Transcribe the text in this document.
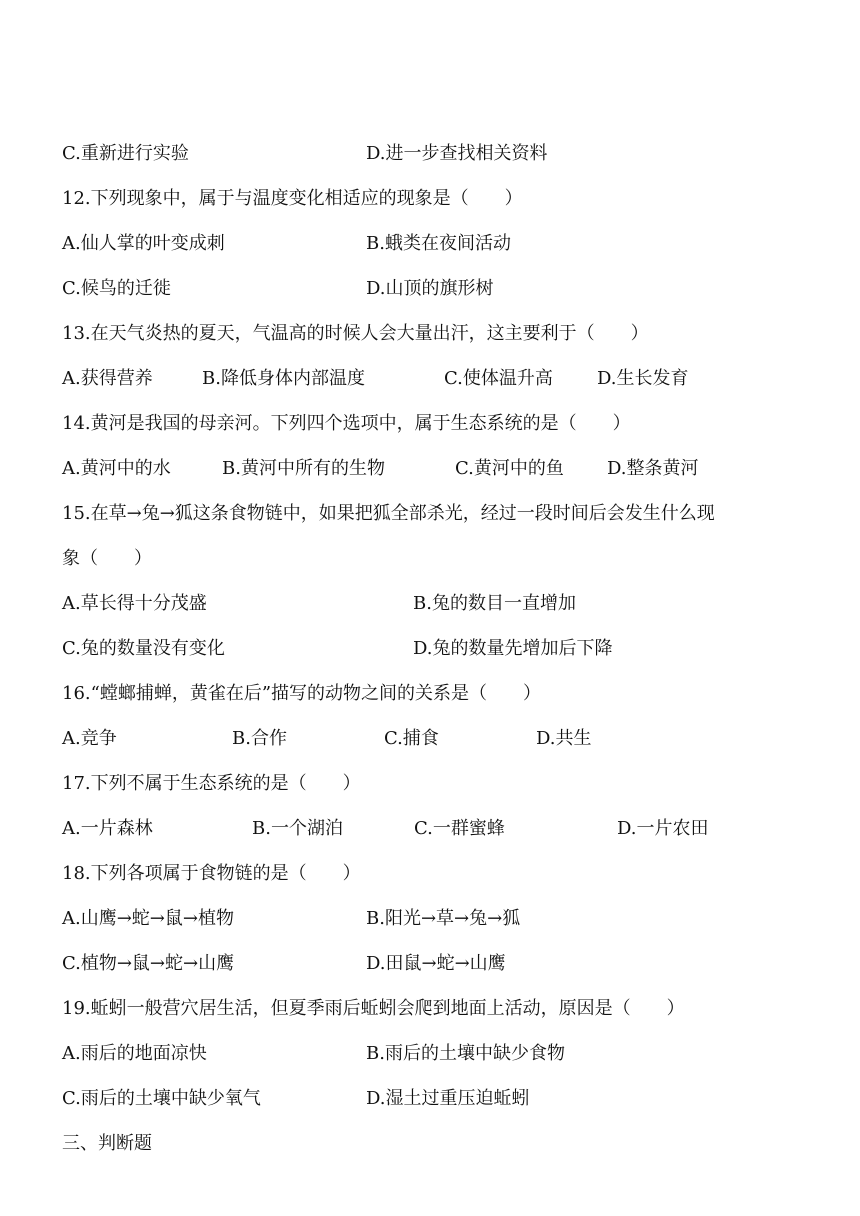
C.重新进行实验	D.进一步查找相关资料
12.下列现象中，属于与温度变化相适应的现象是（　　）
A.仙人掌的叶变成刺	B.蛾类在夜间活动
C.候鸟的迁徙	D.山顶的旗形树
13.在天气炎热的夏天，气温高的时候人会大量出汗，这主要利于（　　）
A.获得营养	B.降低身体内部温度	C.使体温升高 D.生长发育
14.黄河是我国的母亲河。下列四个选项中，属于生态系统的是（　　）
A.黄河中的水	B.黄河中所有的生物	C.黄河中的鱼 D.整条黄河
15.在草→兔→狐这条食物链中，如果把狐全部杀光，经过一段时间后会发生什么现
象（　　）
A.草长得十分茂盛	B.兔的数目一直增加
C.兔的数量没有变化	D.兔的数量先增加后下降
16.“螳螂捕蝉，黄雀在后”描写的动物之间的关系是（　　）
A.竞争	B.合作	C.捕食	D.共生
17.下列不属于生态系统的是（　　）
A.一片森林	B.一个湖泊	C.一群蜜蜂	D.一片农田
18.下列各项属于食物链的是（　　）
A.山鹰→蛇→鼠→植物	B.阳光→草→兔→狐
C.植物→鼠→蛇→山鹰	D.田鼠→蛇→山鹰
19.蚯蚓一般营穴居生活，但夏季雨后蚯蚓会爬到地面上活动，原因是（　　）
A.雨后的地面凉快	B.雨后的土壤中缺少食物
C.雨后的土壤中缺少氧气	D.湿土过重压迫蚯蚓
三、判断题
